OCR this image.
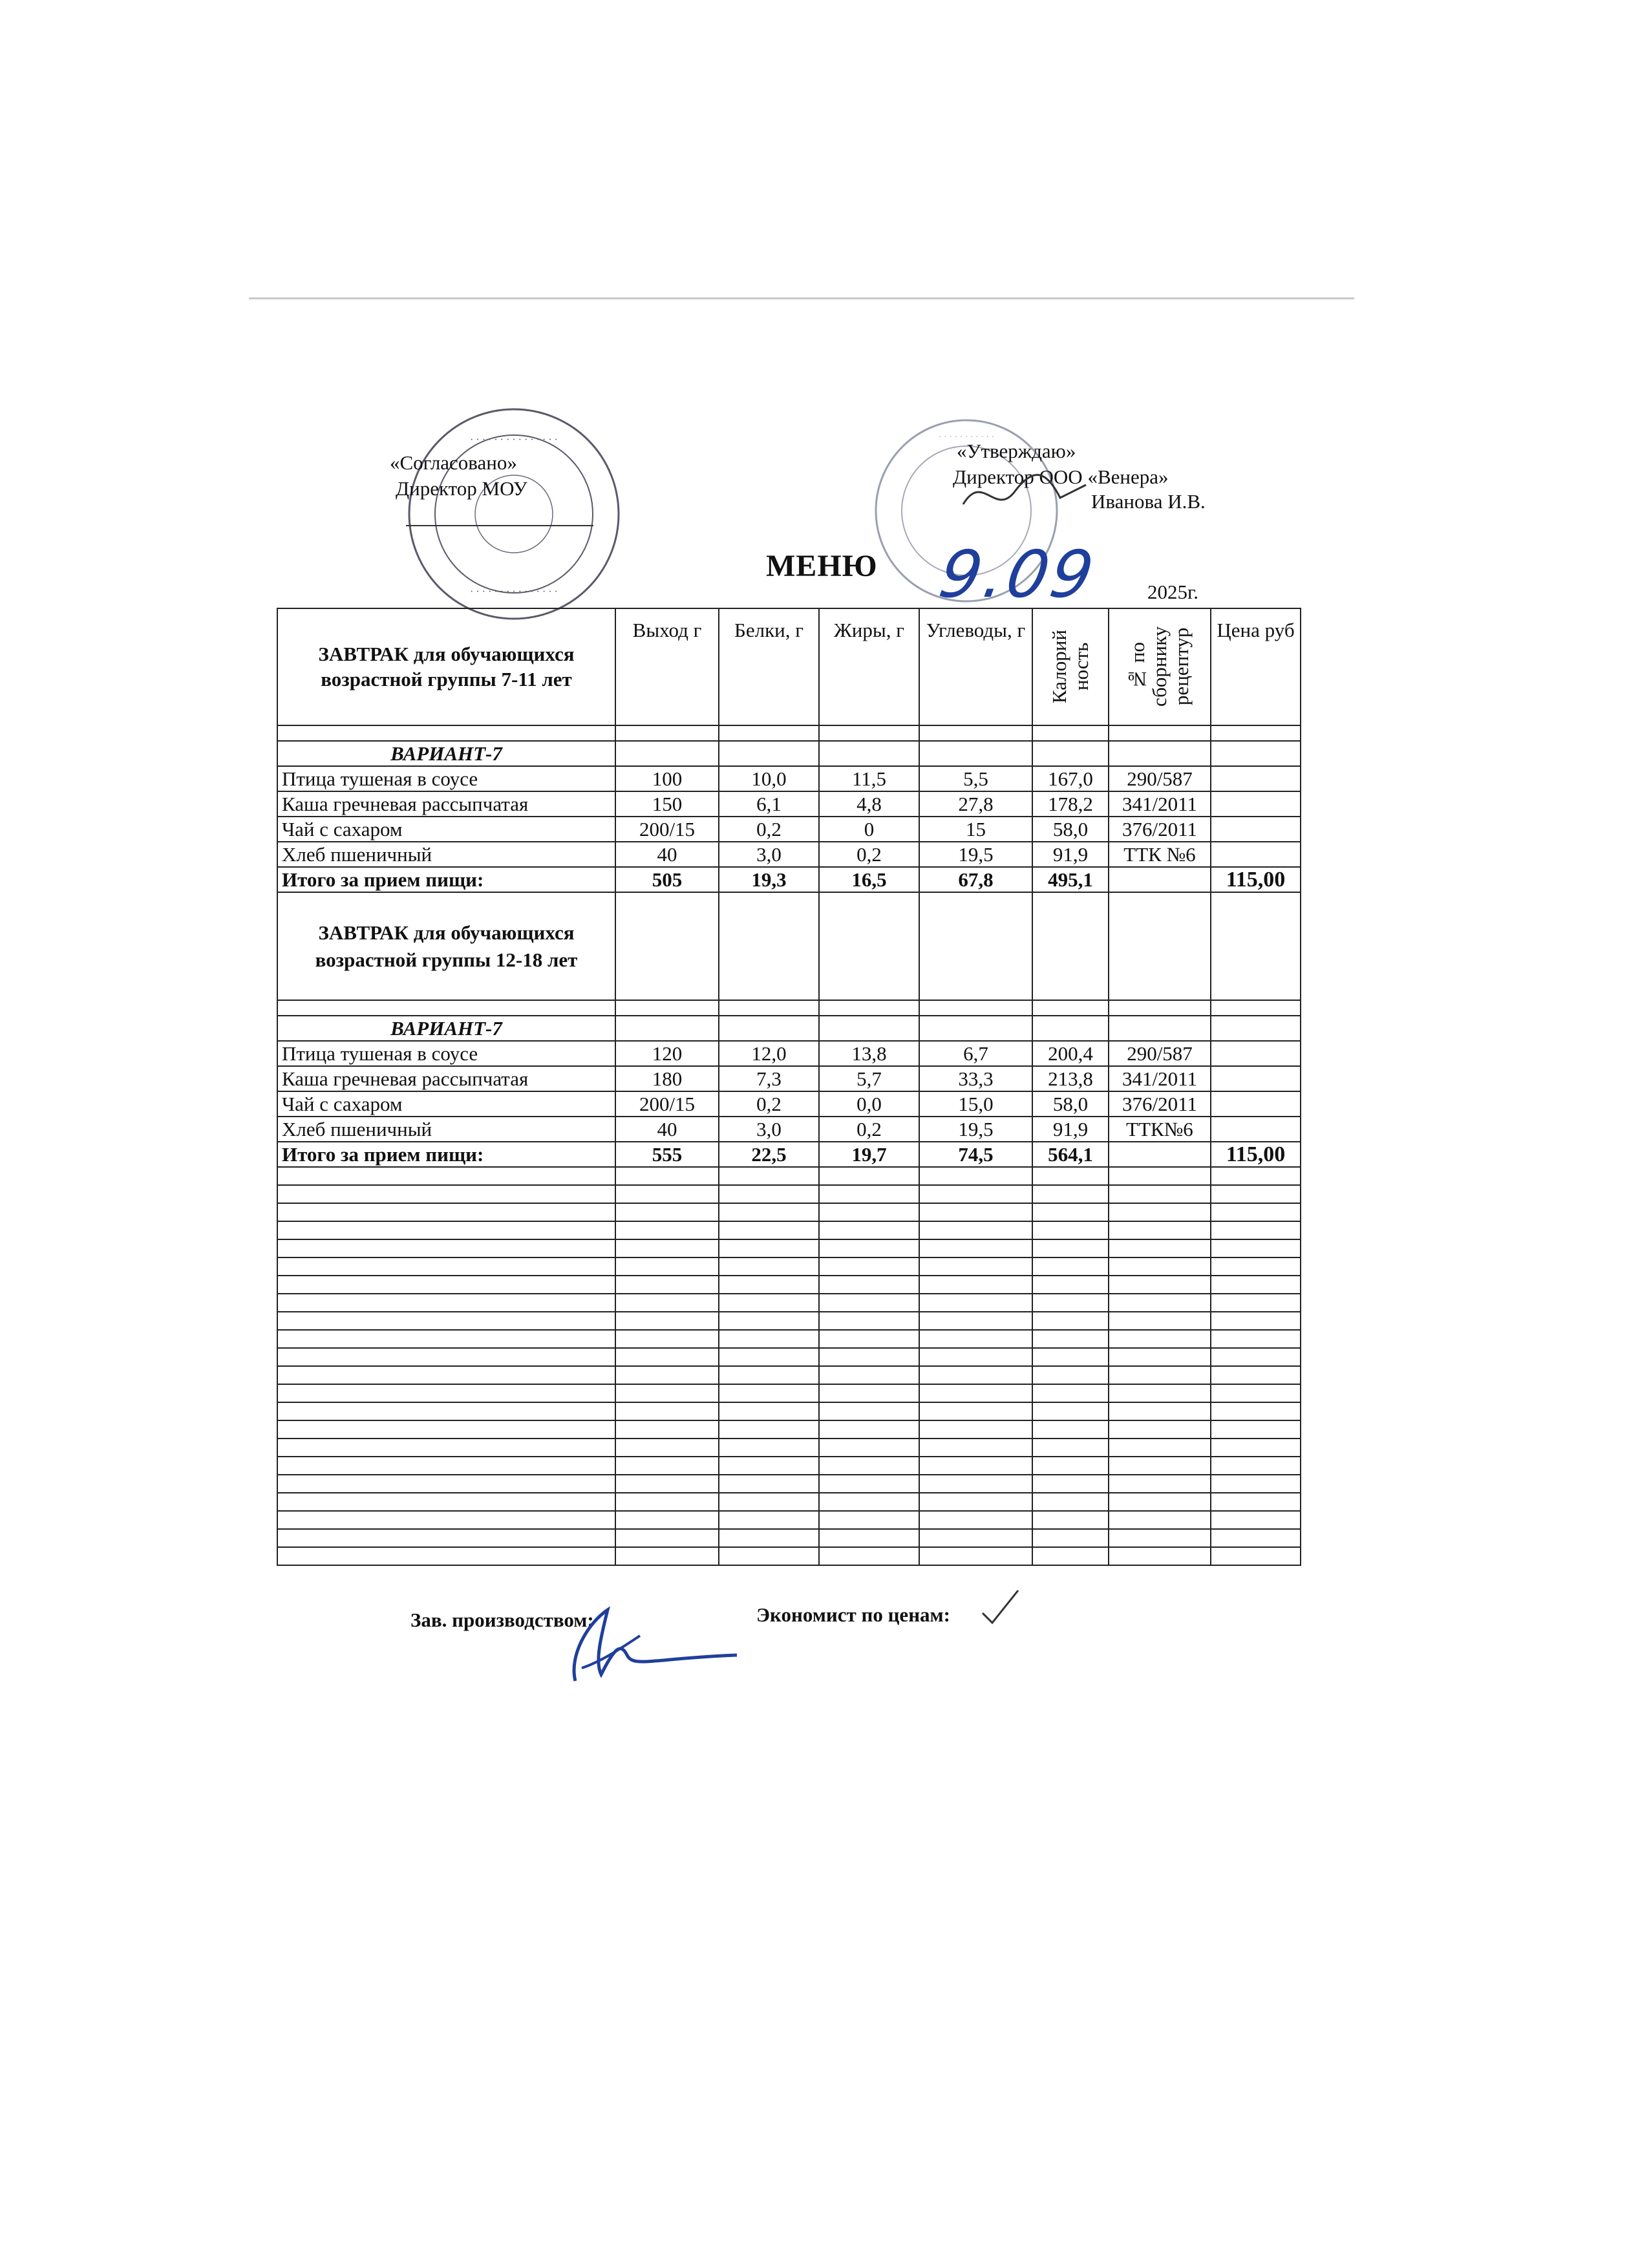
· · · · · · · · · · · · · · ·
· · · · · · · · · · · · · · ·
«Согласовано»
Директор МОУ
· · · · · · · · · · ·
«Утверждаю»
Директор ООО «Венера»
Иванова И.В.
МЕНЮ 9.09 2025г.
ЗАВТРАК для обучающихся возрастной группы 7-11 лет	Выход г	Белки, г	Жиры, г	Углеводы, г	Калорий ность	№ по сборнику рецептур	Цена руб

ВАРИАНТ-7							
Птица тушеная в соусе	100	10,0	11,5	5,5	167,0	290/587	
Каша гречневая рассыпчатая	150	6,1	4,8	27,8	178,2	341/2011	
Чай с сахаром	200/15	0,2	0	15	58,0	376/2011	
Хлеб пшеничный	40	3,0	0,2	19,5	91,9	ТТК №6	
Итого за прием пищи:	505	19,3	16,5	67,8	495,1		115,00
ЗАВТРАК для обучающихся возрастной группы 12-18 лет							

ВАРИАНТ-7							
Птица тушеная в соусе	120	12,0	13,8	6,7	200,4	290/587	
Каша гречневая рассыпчатая	180	7,3	5,7	33,3	213,8	341/2011	
Чай с сахаром	200/15	0,2	0,0	15,0	58,0	376/2011	
Хлеб пшеничный	40	3,0	0,2	19,5	91,9	ТТК№6	
Итого за прием пищи:	555	22,5	19,7	74,5	564,1		115,00

Зав. производством:	Экономист по ценам:
